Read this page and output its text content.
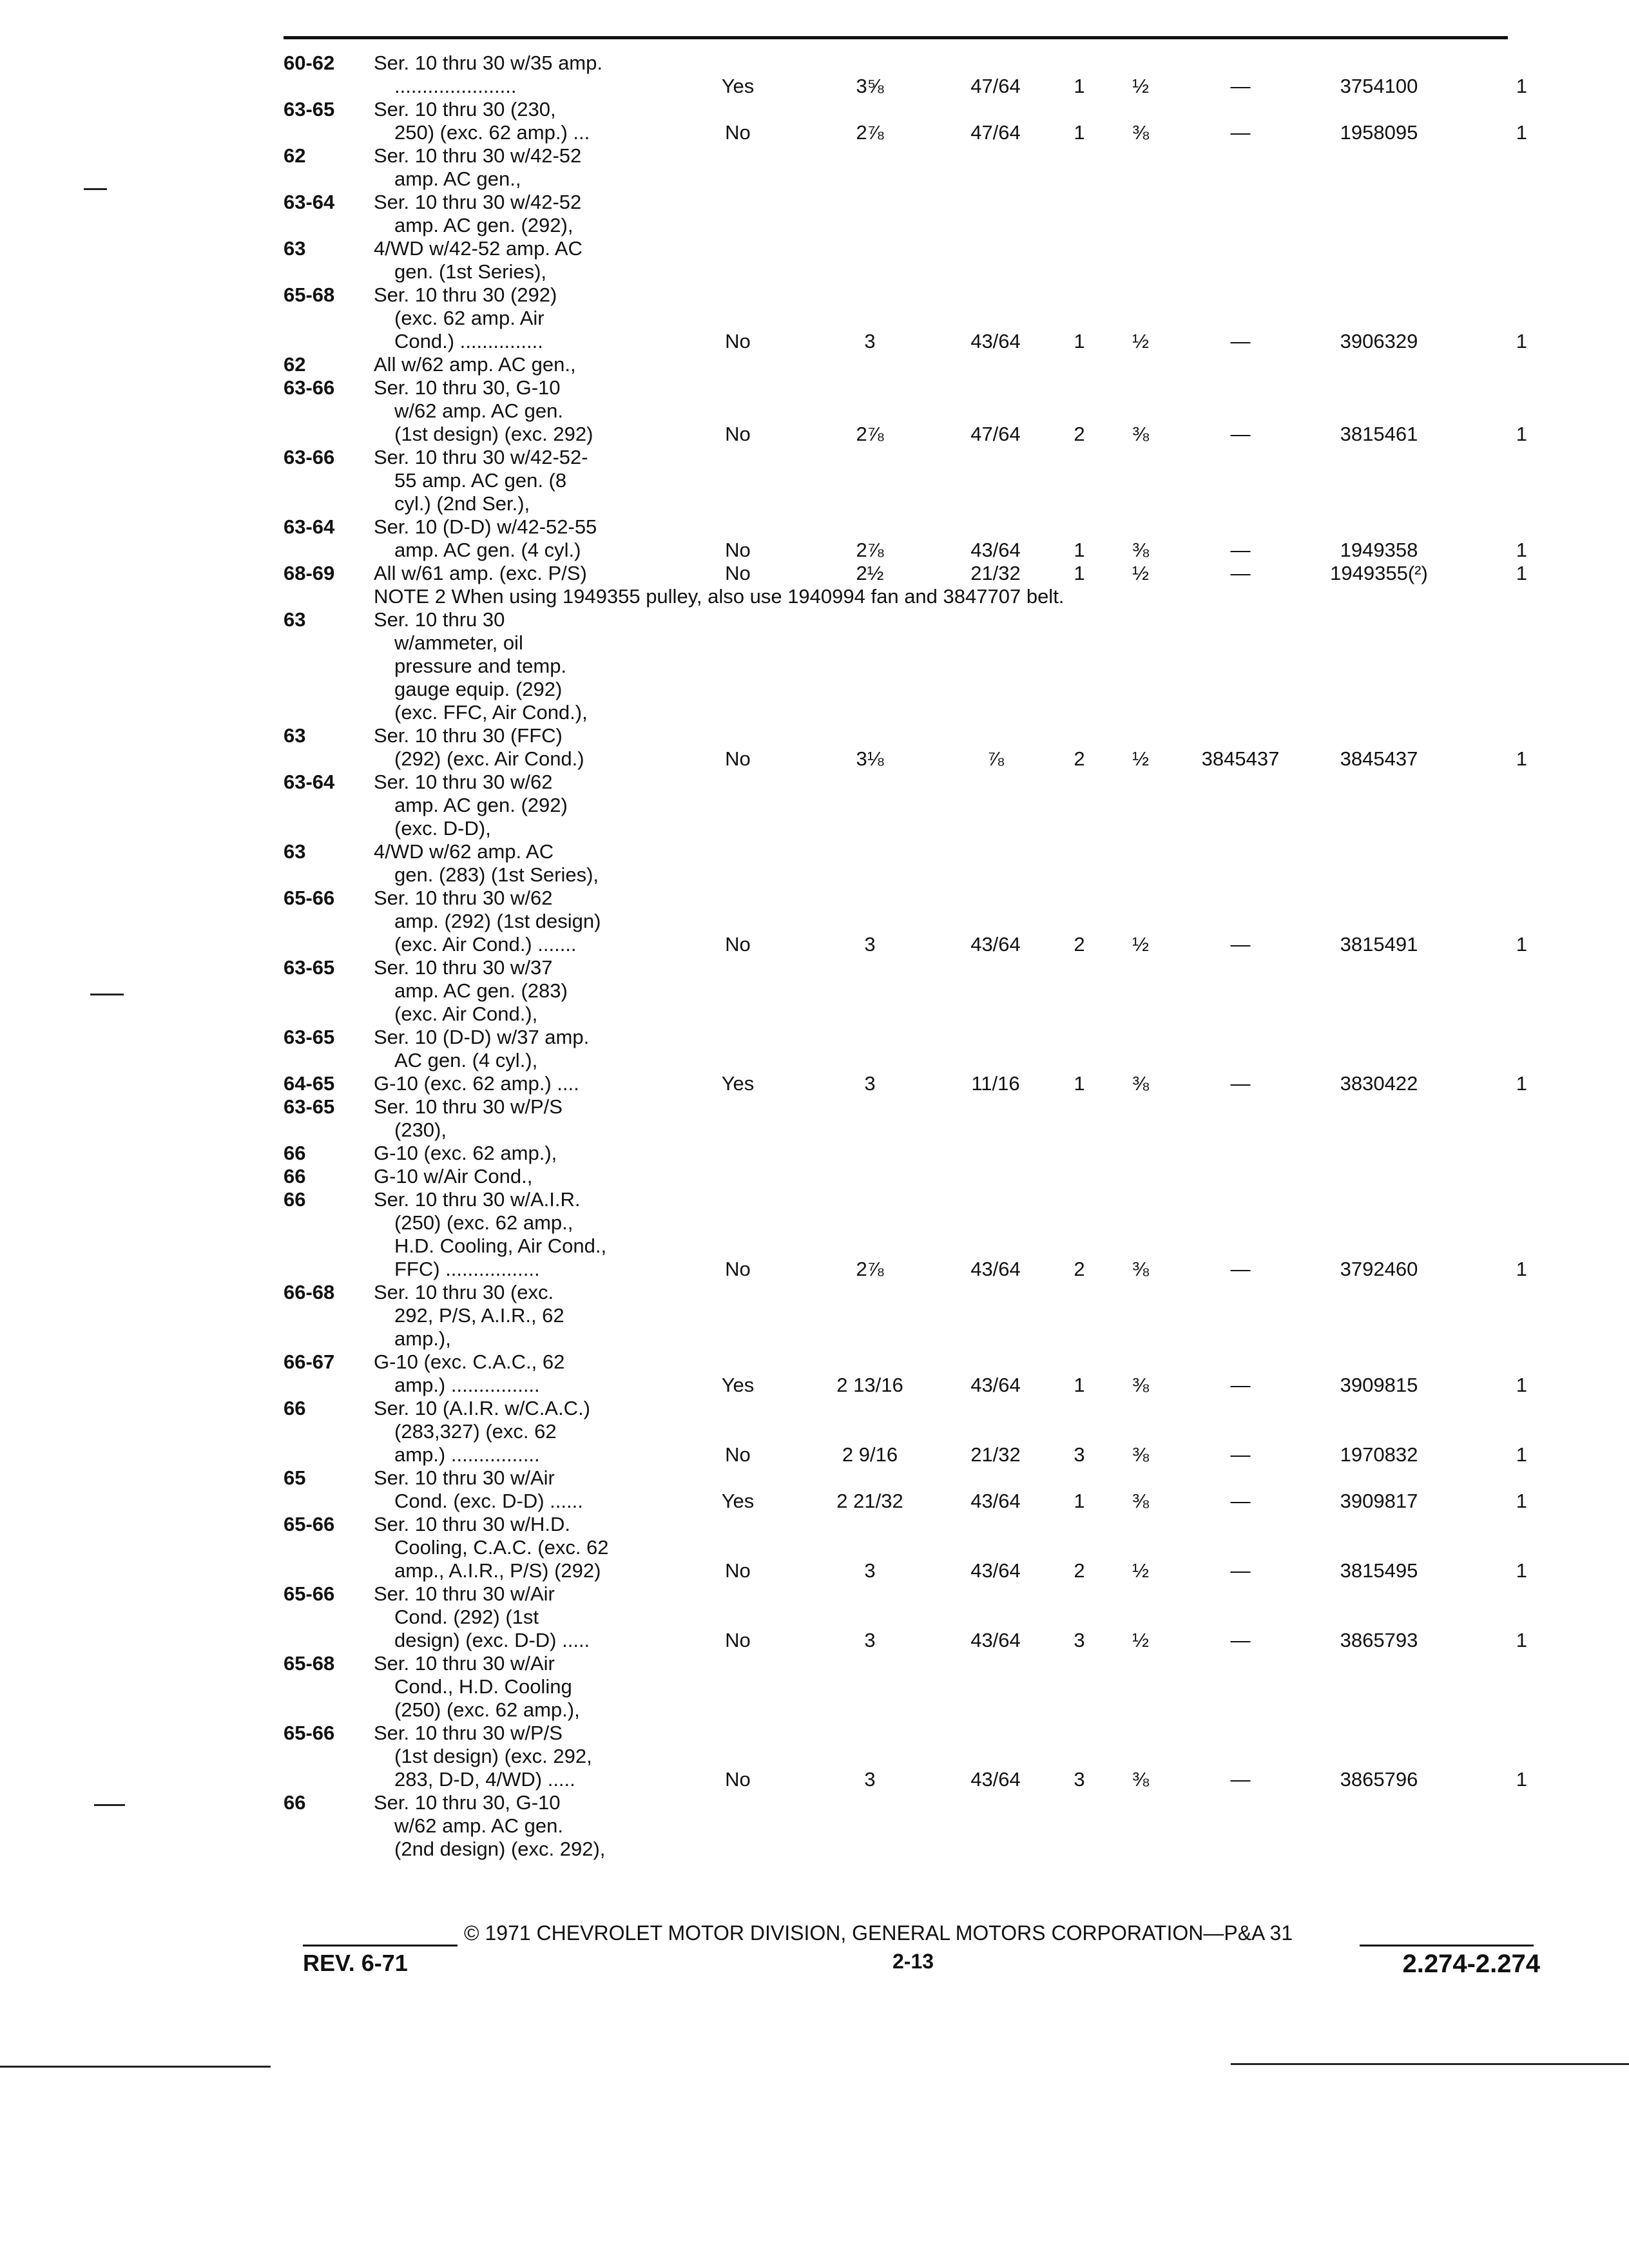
60-62	Ser. 10 thru 30 w/35 amp.
......................	Yes	3⅝	47/64	1	½	—	3754100	1
63-65	Ser. 10 thru 30 (230,
250) (exc. 62 amp.) ...	No	2⅞	47/64	1	⅜	—	1958095	1
62	Ser. 10 thru 30 w/42-52
amp. AC gen.,
63-64	Ser. 10 thru 30 w/42-52
amp. AC gen. (292),
63	4/WD w/42-52 amp. AC
gen. (1st Series),
65-68	Ser. 10 thru 30 (292)
(exc. 62 amp. Air
Cond.) ...............	No	3	43/64	1	½	—	3906329	1
62	All w/62 amp. AC gen.,
63-66	Ser. 10 thru 30, G-10
w/62 amp. AC gen.
(1st design) (exc. 292)	No	2⅞	47/64	2	⅜	—	3815461	1
63-66	Ser. 10 thru 30 w/42-52-
55 amp. AC gen. (8
cyl.) (2nd Ser.),
63-64	Ser. 10 (D-D) w/42-52-55
amp. AC gen. (4 cyl.)	No	2⅞	43/64	1	⅜	—	1949358	1
68-69	All w/61 amp. (exc. P/S)	No	2½	21/32	1	½	—	1949355(²)	1
NOTE 2 When using 1949355 pulley, also use 1940994 fan and 3847707 belt.
63	Ser. 10 thru 30
w/ammeter, oil
pressure and temp.
gauge equip. (292)
(exc. FFC, Air Cond.),
63	Ser. 10 thru 30 (FFC)
(292) (exc. Air Cond.)	No	3⅛	⅞	2	½	3845437	3845437	1
63-64	Ser. 10 thru 30 w/62
amp. AC gen. (292)
(exc. D-D),
63	4/WD w/62 amp. AC
gen. (283) (1st Series),
65-66	Ser. 10 thru 30 w/62
amp. (292) (1st design)
(exc. Air Cond.) .......	No	3	43/64	2	½	—	3815491	1
63-65	Ser. 10 thru 30 w/37
amp. AC gen. (283)
(exc. Air Cond.),
63-65	Ser. 10 (D-D) w/37 amp.
AC gen. (4 cyl.),
64-65	G-10 (exc. 62 amp.) ....	Yes	3	11/16	1	⅜	—	3830422	1
63-65	Ser. 10 thru 30 w/P/S
(230),
66	G-10 (exc. 62 amp.),
66	G-10 w/Air Cond.,
66	Ser. 10 thru 30 w/A.I.R.
(250) (exc. 62 amp.,
H.D. Cooling, Air Cond.,
FFC) .................	No	2⅞	43/64	2	⅜	—	3792460	1
66-68	Ser. 10 thru 30 (exc.
292, P/S, A.I.R., 62
amp.),
66-67	G-10 (exc. C.A.C., 62
amp.) ................	Yes	2 13/16	43/64	1	⅜	—	3909815	1
66	Ser. 10 (A.I.R. w/C.A.C.)
(283,327) (exc. 62
amp.) ................	No	2 9/16	21/32	3	⅜	—	1970832	1
65	Ser. 10 thru 30 w/Air
Cond. (exc. D-D) ......	Yes	2 21/32	43/64	1	⅜	—	3909817	1
65-66	Ser. 10 thru 30 w/H.D.
Cooling, C.A.C. (exc. 62
amp., A.I.R., P/S) (292)	No	3	43/64	2	½	—	3815495	1
65-66	Ser. 10 thru 30 w/Air
Cond. (292) (1st
design) (exc. D-D) .....	No	3	43/64	3	½	—	3865793	1
65-68	Ser. 10 thru 30 w/Air
Cond., H.D. Cooling
(250) (exc. 62 amp.),
65-66	Ser. 10 thru 30 w/P/S
(1st design) (exc. 292,
283, D-D, 4/WD) .....	No	3	43/64	3	⅜	—	3865796	1
66	Ser. 10 thru 30, G-10
w/62 amp. AC gen.
(2nd design) (exc. 292),
© 1971 CHEVROLET MOTOR DIVISION, GENERAL MOTORS CORPORATION—P&A 31
REV. 6-71	2-13	2.274-2.274
